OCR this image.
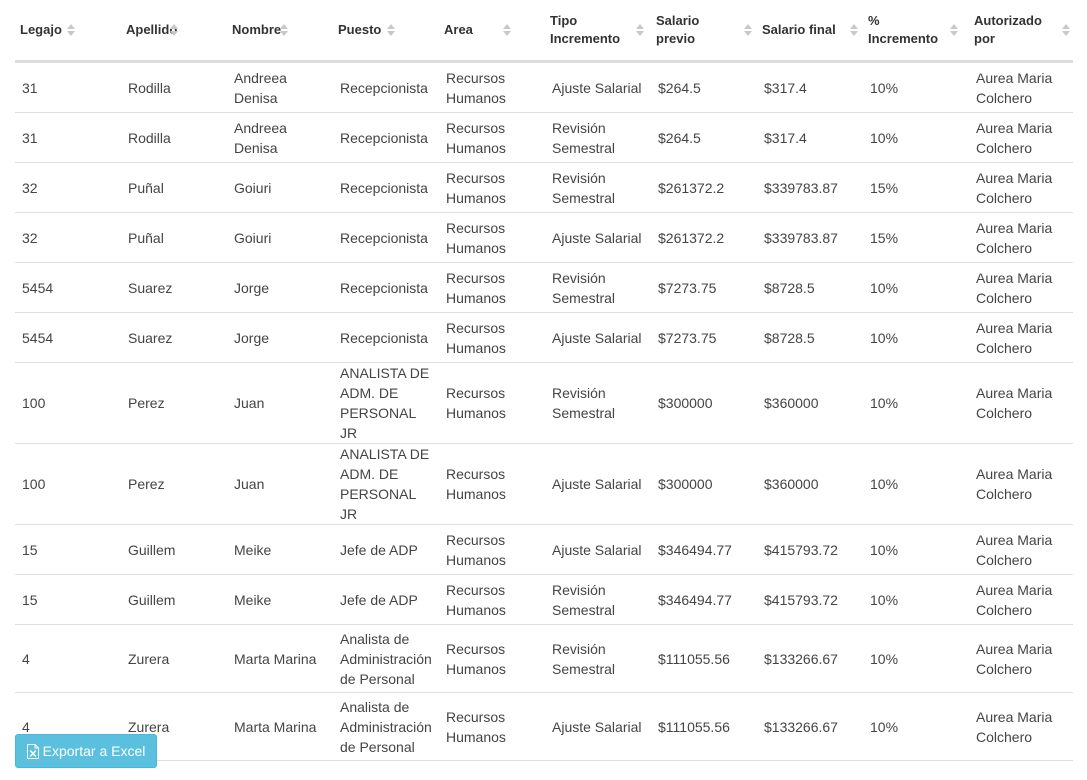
Legajo	Apellido	Nombre	Puesto	Area	Tipo Incremento	Salario previo	Salario final	% Incremento	Autorizado por

31	Rodilla	Andreea Denisa	Recepcionista	Recursos Humanos	Ajuste Salarial	$264.5	$317.4	10%	Aurea Maria Colchero
31	Rodilla	Andreea Denisa	Recepcionista	Recursos Humanos	Revisión Semestral	$264.5	$317.4	10%	Aurea Maria Colchero
32	Puñal	Goiuri	Recepcionista	Recursos Humanos	Revisión Semestral	$261372.2	$339783.87	15%	Aurea Maria Colchero
32	Puñal	Goiuri	Recepcionista	Recursos Humanos	Ajuste Salarial	$261372.2	$339783.87	15%	Aurea Maria Colchero
5454	Suarez	Jorge	Recepcionista	Recursos Humanos	Revisión Semestral	$7273.75	$8728.5	10%	Aurea Maria Colchero
5454	Suarez	Jorge	Recepcionista	Recursos Humanos	Ajuste Salarial	$7273.75	$8728.5	10%	Aurea Maria Colchero
100	Perez	Juan	ANALISTA DE ADM. DE PERSONAL JR	Recursos Humanos	Revisión Semestral	$300000	$360000	10%	Aurea Maria Colchero
100	Perez	Juan	ANALISTA DE ADM. DE PERSONAL JR	Recursos Humanos	Ajuste Salarial	$300000	$360000	10%	Aurea Maria Colchero
15	Guillem	Meike	Jefe de ADP	Recursos Humanos	Ajuste Salarial	$346494.77	$415793.72	10%	Aurea Maria Colchero
15	Guillem	Meike	Jefe de ADP	Recursos Humanos	Revisión Semestral	$346494.77	$415793.72	10%	Aurea Maria Colchero
4	Zurera	Marta Marina	Analista de Administración de Personal	Recursos Humanos	Revisión Semestral	$111055.56	$133266.67	10%	Aurea Maria Colchero
4	Zurera	Marta Marina	Analista de Administración de Personal	Recursos Humanos	Ajuste Salarial	$111055.56	$133266.67	10%	Aurea Maria Colchero
Exportar a Excel
